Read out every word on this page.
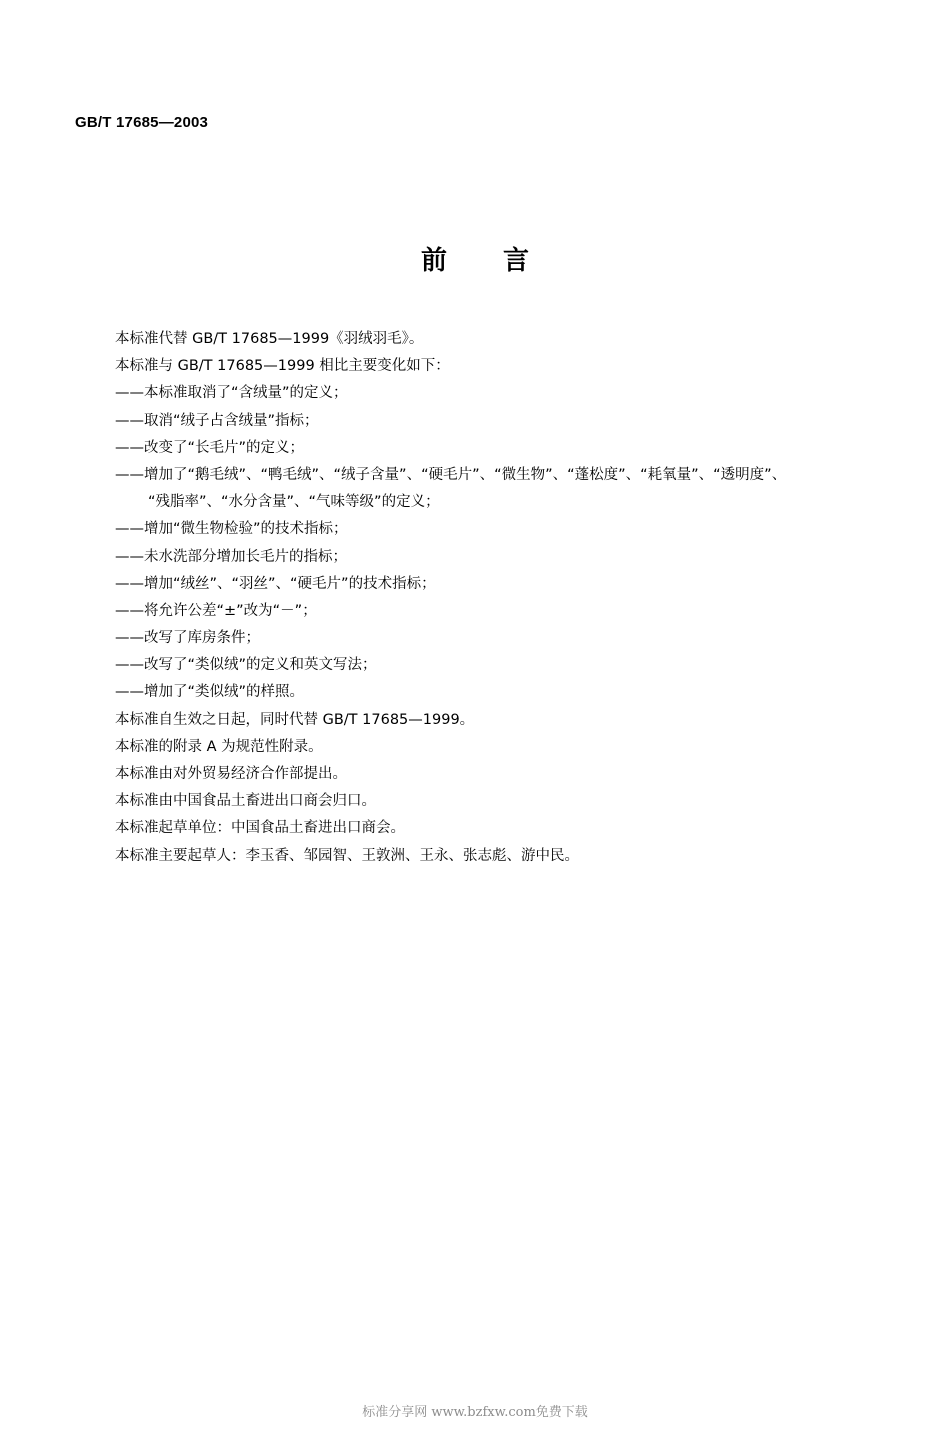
GB/T 17685—2003
前 言
本标准代替 GB/T 17685—1999《羽绒羽毛》。
本标准与 GB/T 17685—1999 相比主要变化如下：
——本标准取消了“含绒量”的定义；
——取消“绒子占含绒量”指标；
——改变了“长毛片”的定义；
——增加了“鹅毛绒”、“鸭毛绒”、“绒子含量”、“硬毛片”、“微生物”、“蓬松度”、“耗氧量”、“透明度”、
“残脂率”、“水分含量”、“气味等级”的定义；
——增加“微生物检验”的技术指标；
——未水洗部分增加长毛片的指标；
——增加“绒丝”、“羽丝”、“硬毛片”的技术指标；
——将允许公差“±”改为“－”；
——改写了库房条件；
——改写了“类似绒”的定义和英文写法；
——增加了“类似绒”的样照。
本标准自生效之日起，同时代替 GB/T 17685—1999。
本标准的附录 A 为规范性附录。
本标准由对外贸易经济合作部提出。
本标准由中国食品土畜进出口商会归口。
本标准起草单位：中国食品土畜进出口商会。
本标准主要起草人：李玉香、邹园智、王敦洲、王永、张志彪、游中民。
标准分享网 www.bzfxw.com免费下载
